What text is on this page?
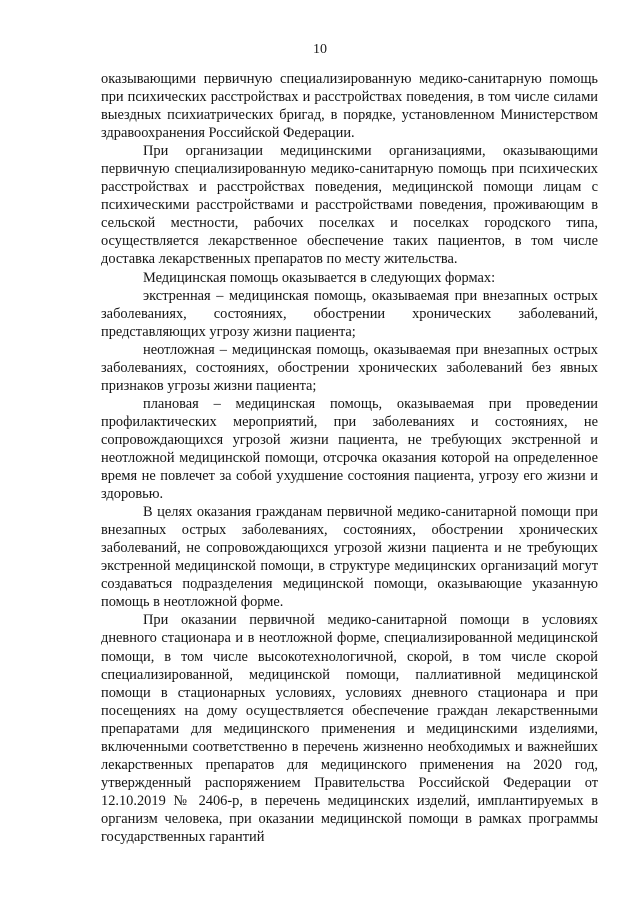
10

оказывающими первичную специализированную медико-санитарную помощь при психических расстройствах и расстройствах поведения, в том числе силами выездных психиатрических бригад, в порядке, установленном Министерством здравоохранения Российской Федерации.

При организации медицинскими организациями, оказывающими первичную специализированную медико-санитарную помощь при психических расстройствах и расстройствах поведения, медицинской помощи лицам с психическими расстройствами и расстройствами поведения, проживающим в сельской местности, рабочих поселках и поселках городского типа, осуществляется лекарственное обеспечение таких пациентов, в том числе доставка лекарственных препаратов по месту жительства.

Медицинская помощь оказывается в следующих формах:

экстренная – медицинская помощь, оказываемая при внезапных острых заболеваниях, состояниях, обострении хронических заболеваний, представляющих угрозу жизни пациента;

неотложная – медицинская помощь, оказываемая при внезапных острых заболеваниях, состояниях, обострении хронических заболеваний без явных признаков угрозы жизни пациента;

плановая – медицинская помощь, оказываемая при проведении профилактических мероприятий, при заболеваниях и состояниях, не сопровождающихся угрозой жизни пациента, не требующих экстренной и неотложной медицинской помощи, отсрочка оказания которой на определенное время не повлечет за собой ухудшение состояния пациента, угрозу его жизни и здоровью.

В целях оказания гражданам первичной медико-санитарной помощи при внезапных острых заболеваниях, состояниях, обострении хронических заболеваний, не сопровождающихся угрозой жизни пациента и не требующих экстренной медицинской помощи, в структуре медицинских организаций могут создаваться подразделения медицинской помощи, оказывающие указанную помощь в неотложной форме.

При оказании первичной медико-санитарной помощи в условиях дневного стационара и в неотложной форме, специализированной медицинской помощи, в том числе высокотехнологичной, скорой, в том числе скорой специализированной, медицинской помощи, паллиативной медицинской помощи в стационарных условиях, условиях дневного стационара и при посещениях на дому осуществляется обеспечение граждан лекарственными препаратами для медицинского применения и медицинскими изделиями, включенными соответственно в перечень жизненно необходимых и важнейших лекарственных препаратов для медицинского применения на 2020 год, утвержденный распоряжением Правительства Российской Федерации от 12.10.2019 № 2406-р, в перечень медицинских изделий, имплантируемых в организм человека, при оказании медицинской помощи в рамках программы государственных гарантий
